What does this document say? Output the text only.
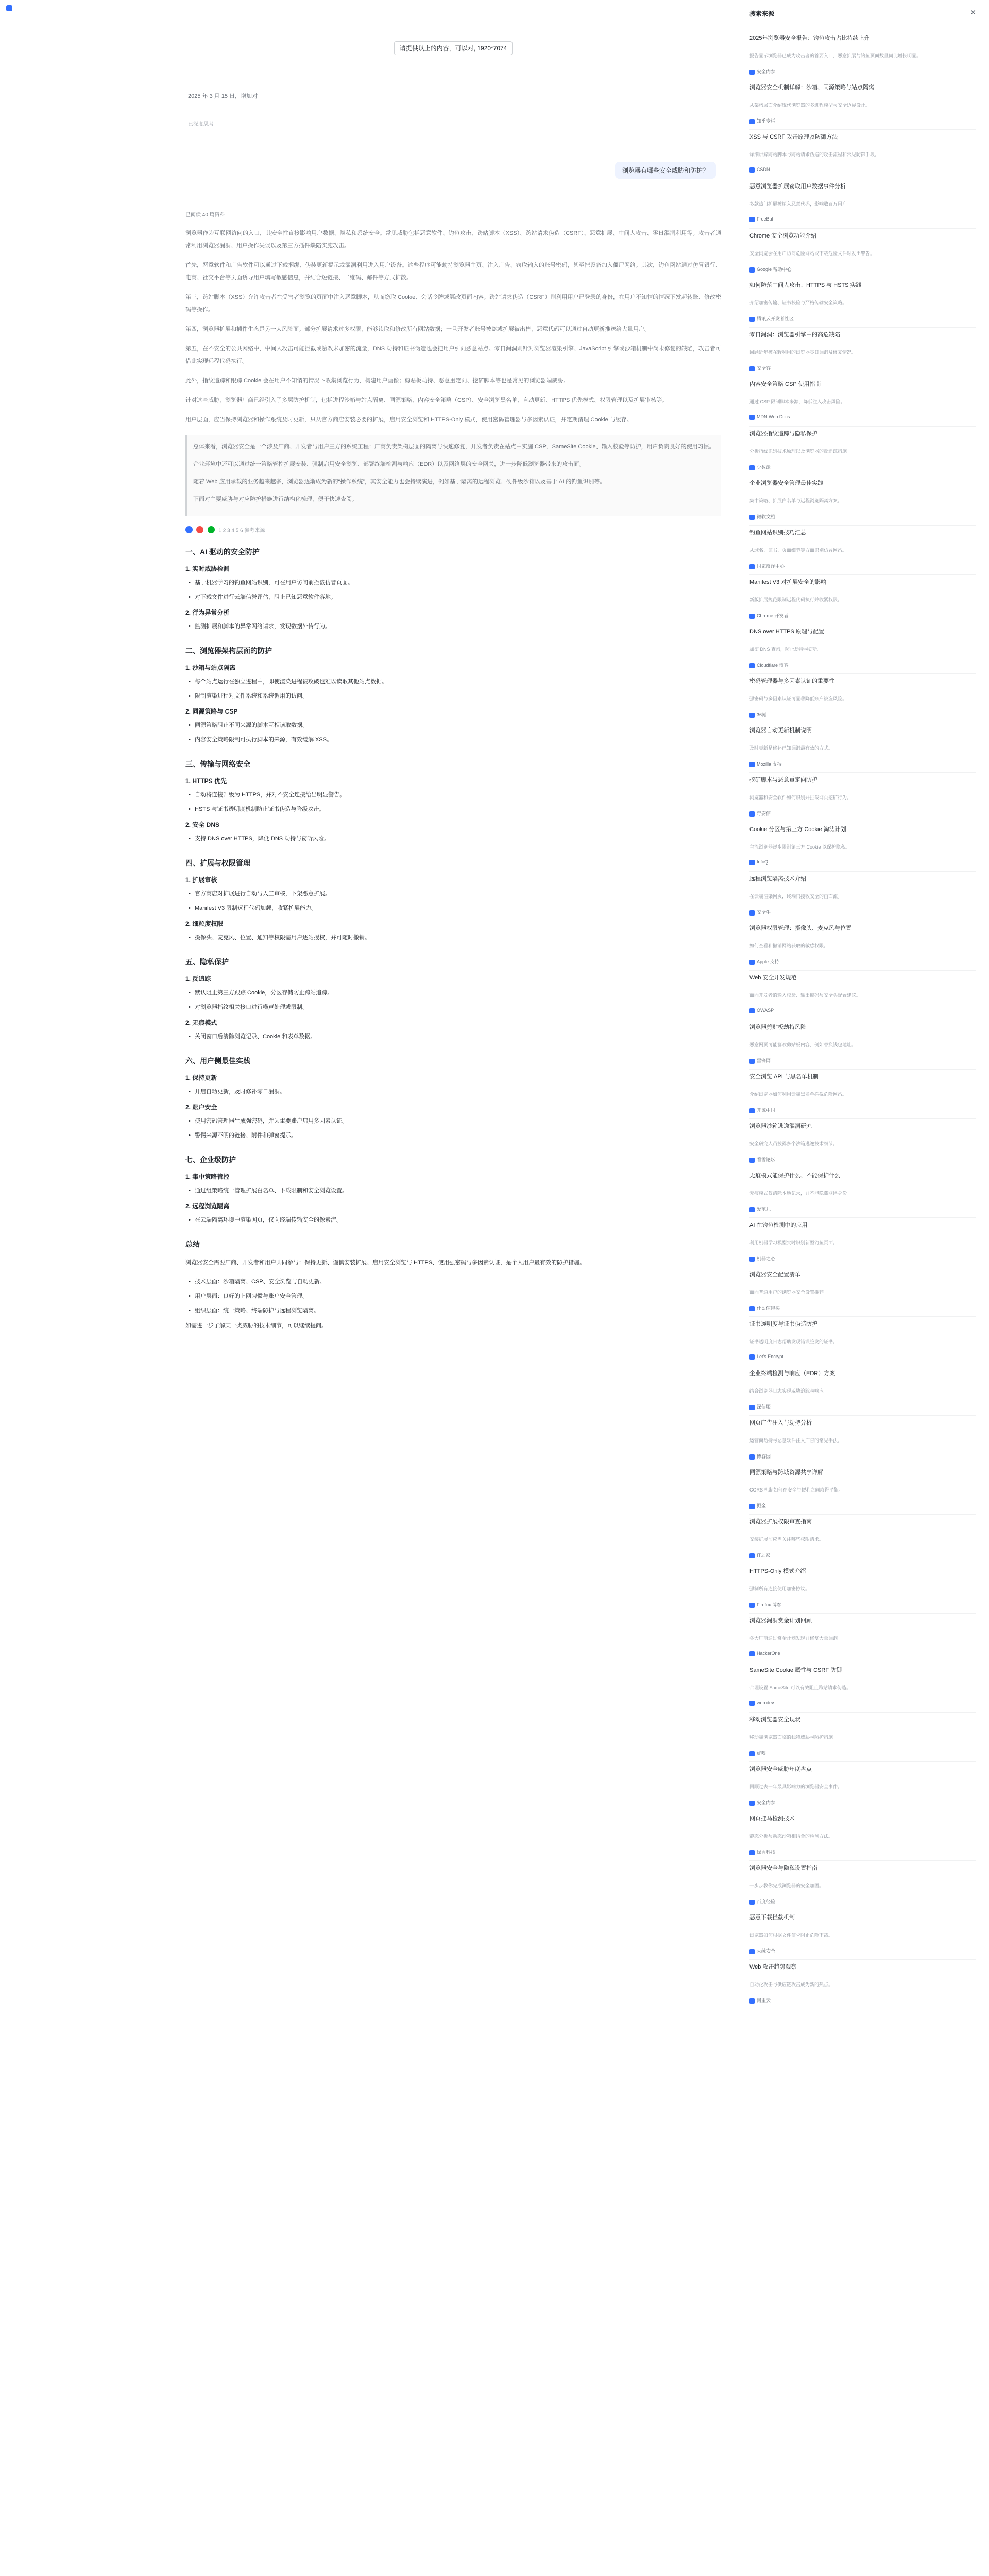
请提供以上的内容，可以对, 1920*7074
2025 年 3 月 15 日，增加对
已深度思考
浏览器有哪些安全威胁和防护？
已阅读 40 篇资料

浏览器作为互联网访问的入口，其安全性直接影响用户数据、隐私和系统安全。常见威胁包括恶意软件、钓鱼攻击、跨站脚本（XSS）、跨站请求伪造（CSRF）、恶意扩展、中间人攻击、零日漏洞利用等。攻击者通常利用浏览器漏洞、用户操作失误以及第三方插件缺陷实施攻击。

首先，恶意软件和广告软件可以通过下载捆绑、伪装更新提示或漏洞利用进入用户设备。这些程序可能劫持浏览器主页、注入广告、窃取输入的账号密码，甚至把设备加入僵尸网络。其次，钓鱼网站通过仿冒银行、电商、社交平台等页面诱导用户填写敏感信息，并结合短链接、二维码、邮件等方式扩散。

第三，跨站脚本（XSS）允许攻击者在受害者浏览的页面中注入恶意脚本，从而窃取 Cookie、会话令牌或篡改页面内容；跨站请求伪造（CSRF）则利用用户已登录的身份，在用户不知情的情况下发起转账、修改密码等操作。

第四，浏览器扩展和插件生态是另一大风险面。部分扩展请求过多权限，能够读取和修改所有网站数据；一旦开发者账号被盗或扩展被出售，恶意代码可以通过自动更新推送给大量用户。

第五，在不安全的公共网络中，中间人攻击可能拦截或篡改未加密的流量，DNS 劫持和证书伪造也会把用户引向恶意站点。零日漏洞则针对浏览器渲染引擎、JavaScript 引擎或沙箱机制中尚未修复的缺陷，攻击者可借此实现远程代码执行。

此外，指纹追踪和跟踪 Cookie 会在用户不知情的情况下收集浏览行为，构建用户画像；剪贴板劫持、恶意重定向、挖矿脚本等也是常见的浏览器端威胁。

针对这些威胁，浏览器厂商已经引入了多层防护机制，包括进程沙箱与站点隔离、同源策略、内容安全策略（CSP）、安全浏览黑名单、自动更新、HTTPS 优先模式、权限管理以及扩展审核等。

用户层面，应当保持浏览器和操作系统及时更新，只从官方商店安装必要的扩展，启用安全浏览和 HTTPS-Only 模式，使用密码管理器与多因素认证，并定期清理 Cookie 与缓存。

总体来看，浏览器安全是一个涉及厂商、开发者与用户三方的系统工程：厂商负责架构层面的隔离与快速修复，开发者负责在站点中实施 CSP、SameSite Cookie、输入校验等防护，用户负责良好的使用习惯。

企业环境中还可以通过统一策略管控扩展安装、强制启用安全浏览、部署终端检测与响应（EDR）以及网络层的安全网关，进一步降低浏览器带来的攻击面。

随着 Web 应用承载的业务越来越多，浏览器逐渐成为新的“操作系统”，其安全能力也会持续演进，例如基于隔离的远程浏览、硬件级沙箱以及基于 AI 的钓鱼识别等。

下面对主要威胁与对应防护措施进行结构化梳理，便于快速查阅。

1 2 3 4 5 6 参考来源
一、AI 驱动的安全防护
1. 实时威胁检测
• 基于机器学习的钓鱼网站识别，可在用户访问前拦截仿冒页面。
• 对下载文件进行云端信誉评估，阻止已知恶意软件落地。
2. 行为异常分析
• 监测扩展和脚本的异常网络请求，发现数据外传行为。
二、浏览器架构层面的防护
1. 沙箱与站点隔离
• 每个站点运行在独立进程中，即使渲染进程被攻破也难以读取其他站点数据。
• 限制渲染进程对文件系统和系统调用的访问。
2. 同源策略与 CSP
• 同源策略阻止不同来源的脚本互相读取数据。
• 内容安全策略限制可执行脚本的来源，有效缓解 XSS。
三、传输与网络安全
1. HTTPS 优先
• 自动将连接升级为 HTTPS，并对不安全连接给出明显警告。
• HSTS 与证书透明度机制防止证书伪造与降级攻击。
2. 安全 DNS
• 支持 DNS over HTTPS，降低 DNS 劫持与窃听风险。
四、扩展与权限管理
1. 扩展审核
• 官方商店对扩展进行自动与人工审核，下架恶意扩展。
• Manifest V3 限制远程代码加载，收紧扩展能力。
2. 细粒度权限
• 摄像头、麦克风、位置、通知等权限需用户逐站授权，并可随时撤销。
五、隐私保护
1. 反追踪
• 默认阻止第三方跟踪 Cookie，分区存储防止跨站追踪。
• 对浏览器指纹相关接口进行噪声处理或限制。
2. 无痕模式
• 关闭窗口后清除浏览记录、Cookie 和表单数据。
六、用户侧最佳实践
1. 保持更新
• 开启自动更新，及时修补零日漏洞。
2. 账户安全
• 使用密码管理器生成强密码，并为重要账户启用多因素认证。
• 警惕来源不明的链接、附件和弹窗提示。
七、企业级防护
1. 集中策略管控
• 通过组策略统一管理扩展白名单、下载限制和安全浏览设置。
2. 远程浏览隔离
• 在云端隔离环境中渲染网页，仅向终端传输安全的像素流。
总结

浏览器安全需要厂商、开发者和用户共同参与：保持更新、谨慎安装扩展、启用安全浏览与 HTTPS、使用强密码与多因素认证，是个人用户最有效的防护措施。

• 技术层面：沙箱隔离、CSP、安全浏览与自动更新。
• 用户层面：良好的上网习惯与账户安全管理。
• 组织层面：统一策略、终端防护与远程浏览隔离。

如需进一步了解某一类威胁的技术细节，可以继续提问。

搜索来源	✕
2025年浏览器安全报告：钓鱼攻击占比持续上升
报告显示浏览器已成为攻击者的首要入口，恶意扩展与钓鱼页面数量同比增长明显。
安全内参
浏览器安全机制详解：沙箱、同源策略与站点隔离
从架构层面介绍现代浏览器的多进程模型与安全边界设计。
知乎专栏
XSS 与 CSRF 攻击原理及防御方法
详细讲解跨站脚本与跨站请求伪造的攻击流程和常见防御手段。
CSDN
恶意浏览器扩展窃取用户数据事件分析
多款热门扩展被植入恶意代码，影响数百万用户。
FreeBuf
Chrome 安全浏览功能介绍
安全浏览会在用户访问危险网站或下载危险文件时发出警告。
Google 帮助中心
如何防范中间人攻击：HTTPS 与 HSTS 实践
介绍加密传输、证书校验与严格传输安全策略。
腾讯云开发者社区
零日漏洞：浏览器引擎中的高危缺陷
回顾近年被在野利用的浏览器零日漏洞及修复情况。
安全客
内容安全策略 CSP 使用指南
通过 CSP 限制脚本来源，降低注入攻击风险。
MDN Web Docs
浏览器指纹追踪与隐私保护
分析指纹识别技术原理以及浏览器的反追踪措施。
少数派
企业浏览器安全管理最佳实践
集中策略、扩展白名单与远程浏览隔离方案。
微软文档
钓鱼网站识别技巧汇总
从域名、证书、页面细节等方面识别仿冒网站。
国家反诈中心
Manifest V3 对扩展安全的影响
新版扩展规范限制远程代码执行并收紧权限。
Chrome 开发者
DNS over HTTPS 原理与配置
加密 DNS 查询，防止劫持与窃听。
Cloudflare 博客
密码管理器与多因素认证的重要性
强密码与多因素认证可显著降低账户被盗风险。
36氪
浏览器自动更新机制说明
及时更新是修补已知漏洞最有效的方式。
Mozilla 支持
挖矿脚本与恶意重定向防护
浏览器和安全软件如何识别并拦截网页挖矿行为。
奇安信
Cookie 分区与第三方 Cookie 淘汰计划
主流浏览器逐步限制第三方 Cookie 以保护隐私。
InfoQ
远程浏览隔离技术介绍
在云端渲染网页，终端只接收安全的画面流。
安全牛
浏览器权限管理：摄像头、麦克风与位置
如何查看和撤销网站获取的敏感权限。
Apple 支持
Web 安全开发规范
面向开发者的输入校验、输出编码与安全头配置建议。
OWASP
浏览器剪贴板劫持风险
恶意网页可能篡改剪贴板内容，例如替换钱包地址。
雷锋网
安全浏览 API 与黑名单机制
介绍浏览器如何利用云端黑名单拦截危险网站。
开源中国
浏览器沙箱逃逸漏洞研究
安全研究人员披露多个沙箱逃逸技术细节。
看雪论坛
无痕模式能保护什么、不能保护什么
无痕模式仅清除本地记录，并不能隐藏网络身份。
爱范儿
AI 在钓鱼检测中的应用
利用机器学习模型实时识别新型钓鱼页面。
机器之心
浏览器安全配置清单
面向普通用户的浏览器安全设置推荐。
什么值得买
证书透明度与证书伪造防护
证书透明度日志帮助发现错误签发的证书。
Let's Encrypt
企业终端检测与响应（EDR）方案
结合浏览器日志实现威胁追踪与响应。
深信服
网页广告注入与劫持分析
运营商劫持与恶意软件注入广告的常见手法。
博客园
同源策略与跨域资源共享详解
CORS 机制如何在安全与便利之间取得平衡。
掘金
浏览器扩展权限审查指南
安装扩展前应当关注哪些权限请求。
IT之家
HTTPS-Only 模式介绍
强制所有连接使用加密协议。
Firefox 博客
浏览器漏洞赏金计划回顾
各大厂商通过赏金计划发现并修复大量漏洞。
HackerOne
SameSite Cookie 属性与 CSRF 防御
合理设置 SameSite 可以有效阻止跨站请求伪造。
web.dev
移动浏览器安全现状
移动端浏览器面临的独特威胁与防护措施。
虎嗅
浏览器安全威胁年度盘点
回顾过去一年最具影响力的浏览器安全事件。
安全内参
网页挂马检测技术
静态分析与动态沙箱相结合的检测方法。
绿盟科技
浏览器安全与隐私设置指南
一步步教你完成浏览器的安全加固。
百度经验
恶意下载拦截机制
浏览器如何根据文件信誉阻止危险下载。
火绒安全
Web 攻击趋势观察
自动化攻击与供应链攻击成为新的热点。
阿里云
